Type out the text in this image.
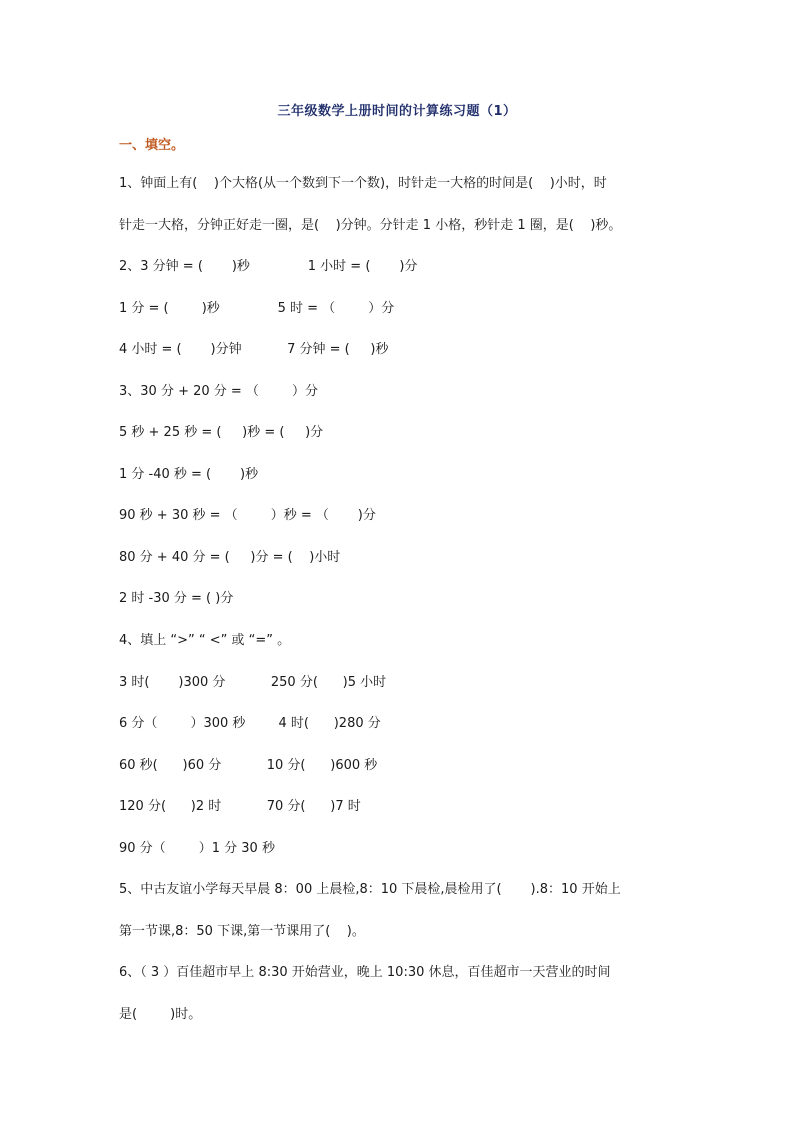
三年级数学上册时间的计算练习题（1）
一、填空。
1、钟面上有(    )个大格(从一个数到下一个数)，时针走一大格的时间是(    )小时，时
针走一大格，分钟正好走一圈，是(    )分钟。分针走 1 小格，秒针走 1 圈，是(    )秒。
2、3 分钟 = (       )秒              1 小时 = (       )分
1 分 = (        )秒              5 时 = （        ）分
4 小时 = (       )分钟           7 分钟 = (     )秒
3、30 分 + 20 分 = （        ）分
5 秒 + 25 秒 = (     )秒 = (     )分
1 分 -40 秒 = (       )秒
90 秒 + 30 秒 = （        ）秒 = （       )分
80 分 + 40 分 = (     )分 = (    )小时
2 时 -30 分 = ( )分
4、填上 “>” “ <” 或 “=” 。
3 时(       )300 分           250 分(      )5 小时
6 分（        ）300 秒        4 时(      )280 分
60 秒(      )60 分           10 分(      )600 秒
120 分(      )2 时           70 分(      )7 时
90 分（        ）1 分 30 秒
5、中古友谊小学每天早晨 8：00 上晨检,8：10 下晨检,晨检用了(       ).8：10 开始上
第一节课,8：50 下课,第一节课用了(    )。
6、（ 3 ）百佳超市早上 8:30 开始营业，晚上 10:30 休息，百佳超市一天营业的时间
是(        )时。
